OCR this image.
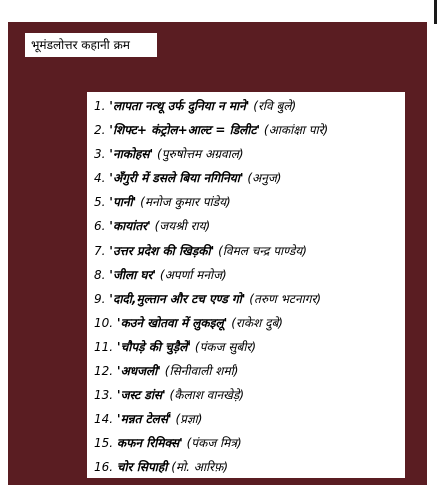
भूमंडलोत्तर कहानी क्रम
1. 'लापता नत्थू उर्फ दुनिया न माने' (रवि बुले)
2. 'शिफ्ट+ कंट्रोल+आल्ट = डिलीट' (आकांक्षा पारे)
3. 'नाकोहस' (पुरुषोत्तम अग्रवाल)
4. 'अँगुरी में डसले बिया नगिनिया' (अनुज)
5. 'पानी' (मनोज कुमार पांडेय)
6. 'कायांतर' (जयश्री राय)
7. 'उत्तर प्रदेश की खिड़की' (विमल चन्द्र पाण्डेय)
8. 'जीला घर' (अपर्णा मनोज)
9. 'दादी,मुल्तान और टच एण्ड गो' (तरुण भटनागर)
10. 'कउने खोतवा में लुकइलू' (राकेश दुबे)
11. 'चौपड़े की चुड़ैलें' (पंकज सुबीर)
12. 'अधजली' (सिनीवाली शर्मा)
13. 'जस्ट डांस' (कैलाश वानखेड़े)
14. 'मन्नत टेलर्स' (प्रज्ञा)
15. कफन रिमिक्स' (पंकज मित्र)
16. चोर सिपाही (मो. आरिफ़)
